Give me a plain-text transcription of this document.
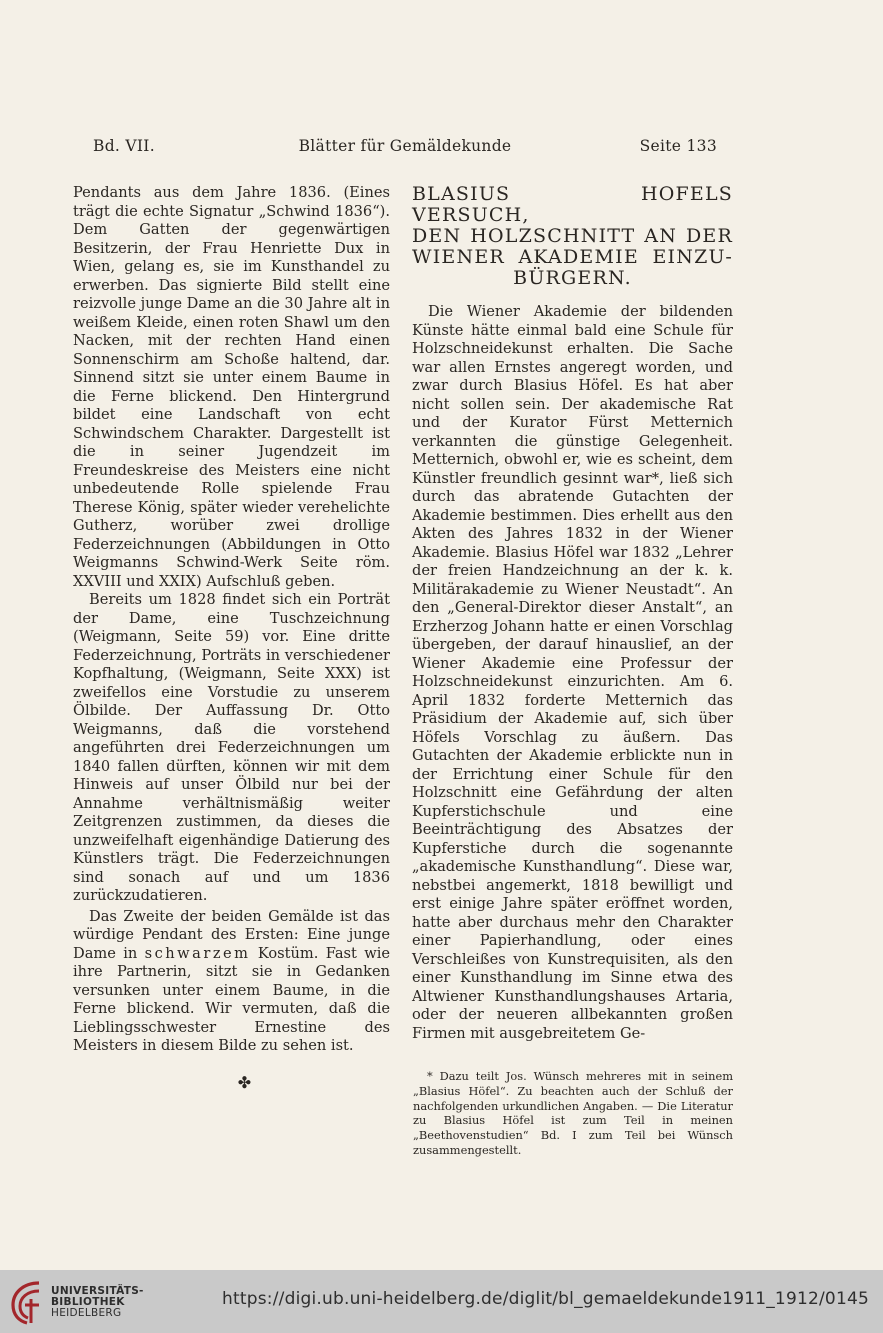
Bd. VII.	Blätter für Gemäldekunde	Seite 133

Pendants aus dem Jahre 1836. (Eines trägt die echte Signatur „Schwind 1836“). Dem Gatten der gegenwärtigen Besitzerin, der Frau Henriette Dux in Wien, gelang es, sie im Kunsthandel zu erwerben. Das signierte Bild stellt eine reizvolle junge Dame an die 30 Jahre alt in weißem Kleide, einen roten Shawl um den Nacken, mit der rechten Hand einen Sonnenschirm am Schoße haltend, dar. Sinnend sitzt sie unter einem Baume in die Ferne blickend. Den Hintergrund bildet eine Landschaft von echt Schwindschem Charakter. Dargestellt ist die in seiner Jugendzeit im Freundeskreise des Meisters eine nicht unbedeutende Rolle spielende Frau Therese König, später wieder verehelichte Gutherz, worüber zwei drollige Federzeichnungen (Abbildungen in Otto Weigmanns Schwind-Werk Seite röm. XXVIII und XXIX) Aufschluß geben.

Bereits um 1828 findet sich ein Porträt der Dame, eine Tuschzeichnung (Weigmann, Seite 59) vor. Eine dritte Federzeichnung, Porträts in verschiedener Kopfhaltung, (Weigmann, Seite XXX) ist zweifellos eine Vorstudie zu unserem Ölbilde. Der Auffassung Dr. Otto Weigmanns, daß die vorstehend angeführten drei Federzeichnungen um 1840 fallen dürften, können wir mit dem Hinweis auf unser Ölbild nur bei der Annahme verhältnismäßig weiter Zeitgrenzen zustimmen, da dieses die unzweifelhaft eigenhändige Datierung des Künstlers trägt. Die Federzeichnungen sind sonach auf und um 1836 zurückzudatieren.

Das Zweite der beiden Gemälde ist das würdige Pendant des Ersten: Eine junge Dame in schwarzem Kostüm. Fast wie ihre Partnerin, sitzt sie in Gedanken versunken unter einem Baume, in die Ferne blickend. Wir vermuten, daß die Lieblingsschwester Ernestine des Meisters in diesem Bilde zu sehen ist.

✤
BLASIUS HOFELS VERSUCH,
DEN HOLZSCHNITT AN DER
WIENER AKADEMIE EINZU-
BÜRGERN.

Die Wiener Akademie der bildenden Künste hätte einmal bald eine Schule für Holzschneidekunst erhalten. Die Sache war allen Ernstes angeregt worden, und zwar durch Blasius Höfel. Es hat aber nicht sollen sein. Der akademische Rat und der Kurator Fürst Metternich verkannten die günstige Gelegenheit. Metternich, obwohl er, wie es scheint, dem Künstler freundlich gesinnt war*, ließ sich durch das abratende Gutachten der Akademie bestimmen. Dies erhellt aus den Akten des Jahres 1832 in der Wiener Akademie. Blasius Höfel war 1832 „Lehrer der freien Handzeichnung an der k. k. Militärakademie zu Wiener Neustadt“. An den „General-Direktor dieser Anstalt“, an Erzherzog Johann hatte er einen Vorschlag übergeben, der darauf hinauslief, an der Wiener Akademie eine Professur der Holzschneidekunst einzurichten. Am 6. April 1832 forderte Metternich das Präsidium der Akademie auf, sich über Höfels Vorschlag zu äußern. Das Gutachten der Akademie erblickte nun in der Errichtung einer Schule für den Holzschnitt eine Gefährdung der alten Kupferstichschule und eine Beeinträchtigung des Absatzes der Kupferstiche durch die sogenannte „akademische Kunsthandlung“. Diese war, nebstbei angemerkt, 1818 bewilligt und erst einige Jahre später eröffnet worden, hatte aber durchaus mehr den Charakter einer Papierhandlung, oder eines Verschleißes von Kunstrequisiten, als den einer Kunsthandlung im Sinne etwa des Altwiener Kunsthandlungshauses Artaria, oder der neueren allbekannten großen Firmen mit ausgebreitetem Ge-

* Dazu teilt Jos. Wünsch mehreres mit in seinem „Blasius Höfel“. Zu beachten auch der Schluß der nachfolgenden urkundlichen Angaben. — Die Literatur zu Blasius Höfel ist zum Teil in meinen „Beethovenstudien“ Bd. I zum Teil bei Wünsch zusammengestellt.
UNIVERSITÄTS-
BIBLIOTHEK
HEIDELBERG
https://digi.ub.uni-heidelberg.de/diglit/bl_gemaeldekunde1911_1912/0145
